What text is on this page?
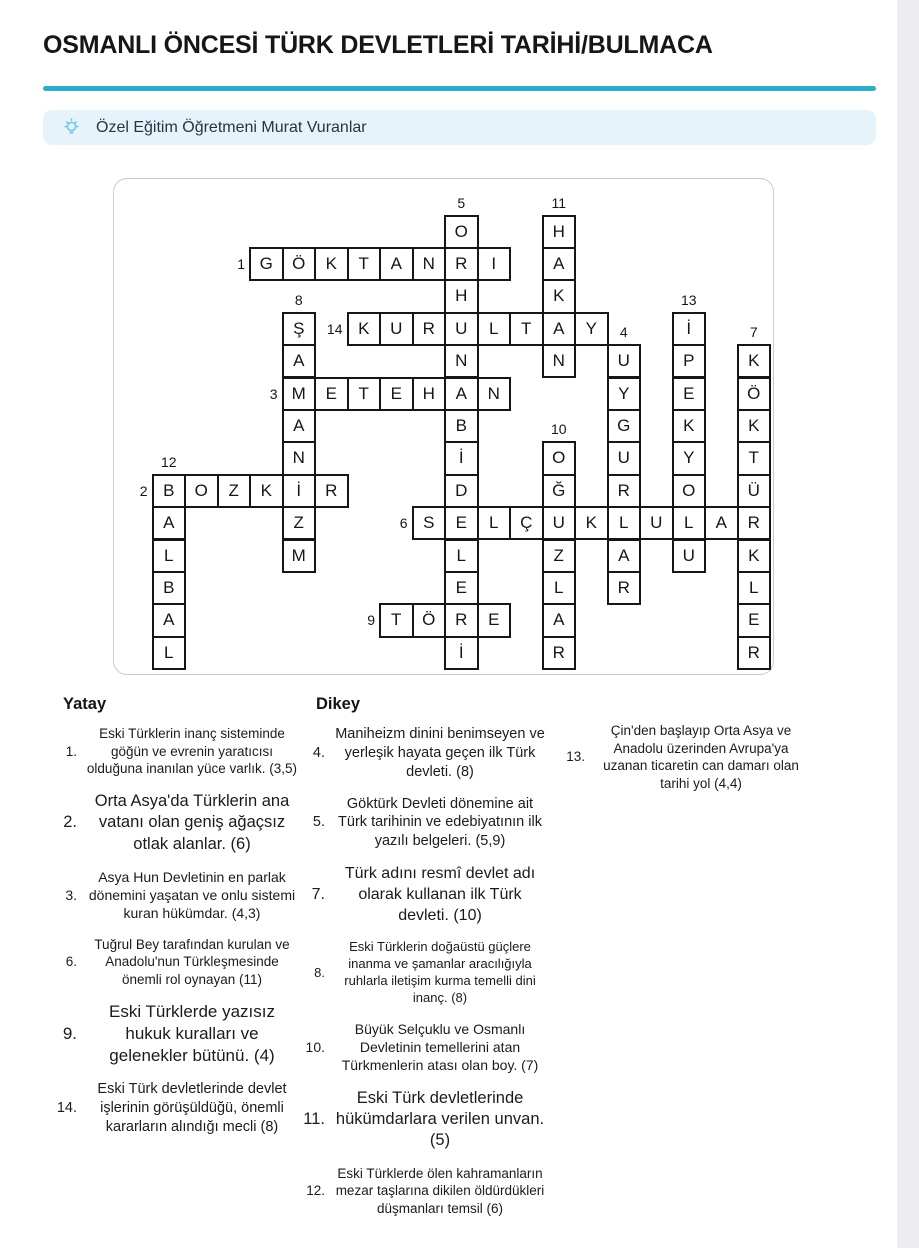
OSMANLI ÖNCESİ TÜRK DEVLETLERİ TARİHİ/BULMACA
Özel Eğitim Öğretmeni Murat Vuranlar
G	Ö	K	T	A	N	R	I
1
B	O	Z	K	İ	R
2
M	E	T	E	H	A	N
3
S	E	L	Ç	U	K	L	U	L	A	R
6
T	Ö	R	E
9
K	U	R	U	L	T	A	Y
14
U
Y
G
U
R
A
R
4
O
H
N
B
İ
D
L
E
İ
5
K
Ö
K
T
Ü
K
L
E
R
7
Ş
A
A
N
Z
M
8
O
Ğ
Z
L
A
R
10
H
A
K
N
11
A
L
B
A
L
12
İ
P
E
K
Y
O
U
13
Yatay
1.
Eski Türklerin inanç sisteminde göğün ve evrenin yaratıcısı olduğuna inanılan yüce varlık. (3,5)
2.
Orta Asya'da Türklerin ana vatanı olan geniş ağaçsız otlak alanlar. (6)
3.
Asya Hun Devletinin en parlak dönemini yaşatan ve onlu sistemi kuran hükümdar. (4,3)
6.
Tuğrul Bey tarafından kurulan ve Anadolu'nun Türkleşmesinde önemli rol oynayan (11)
9.
Eski Türklerde yazısız hukuk kuralları ve gelenekler bütünü. (4)
14.
Eski Türk devletlerinde devlet işlerinin görüşüldüğü, önemli kararların alındığı mecli (8)
Dikey
4.
Maniheizm dinini benimseyen ve yerleşik hayata geçen ilk Türk devleti. (8)
5.
Göktürk Devleti dönemine ait Türk tarihinin ve edebiyatının ilk yazılı belgeleri. (5,9)
7.
Türk adını resmî devlet adı olarak kullanan ilk Türk devleti. (10)
8.
Eski Türklerin doğaüstü güçlere inanma ve şamanlar aracılığıyla ruhlarla iletişim kurma temelli dini inanç. (8)
10.
Büyük Selçuklu ve Osmanlı Devletinin temellerini atan Türkmenlerin atası olan boy. (7)
11.
Eski Türk devletlerinde hükümdarlara verilen unvan. (5)
12.
Eski Türklerde ölen kahramanların mezar taşlarına dikilen öldürdükleri düşmanları temsil (6)
13.
Çin'den başlayıp Orta Asya ve Anadolu üzerinden Avrupa'ya uzanan ticaretin can damarı olan tarihi yol (4,4)
